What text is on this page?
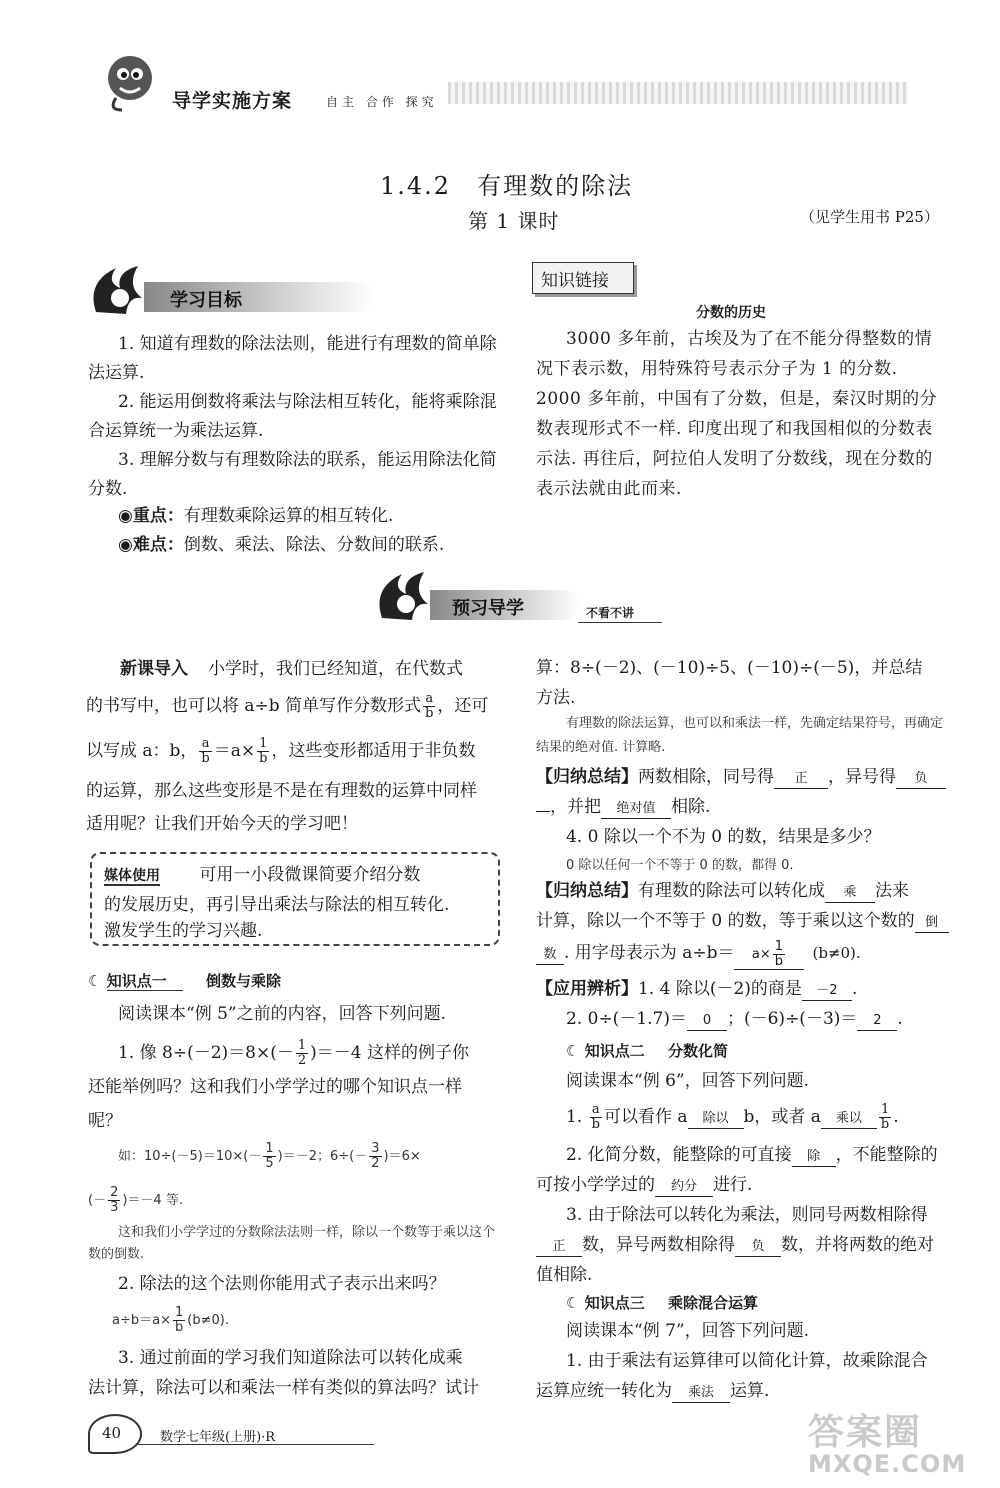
导学实施方案	自主 合作 探究
1.4.2　有理数的除法
第 1 课时	（见学生用书 P25）
学习目标
1. 知道有理数的除法法则，能进行有理数的简单除法运算.
2. 能运用倒数将乘法与除法相互转化，能将乘除混合运算统一为乘法运算.
3. 理解分数与有理数除法的联系，能运用除法化简分数.
◉重点：有理数乘除运算的相互转化.
◉难点：倒数、乘法、除法、分数间的联系.
知识链接
分数的历史
3000 多年前，古埃及为了在不能分得整数的情况下表示数，用特殊符号表示分子为 1 的分数. 2000 多年前，中国有了分数，但是，秦汉时期的分数表现形式不一样. 印度出现了和我国相似的分数表示法. 再往后，阿拉伯人发明了分数线，现在分数的表示法就由此而来.
预习导学	不看不讲
新课导入 小学时，我们已经知道，在代数式
的书写中，也可以将 a÷b 简单写作分数形式 $\frac{a}{b}$ ，还可
以写成 a：b， $\frac{a}{b} =a\times \frac{1}{b}$ ，这些变形都适用于非负数
的运算，那么这些变形是不是在有理数的运算中同样
适用呢？让我们开始今天的学习吧！
媒体使用 可用一小段微课简要介绍分数
的发展历史，再引导出乘法与除法的相互转化.
激发学生的学习兴趣.
☾ 知识点一	倒数与乘除
阅读课本“例 5”之前的内容，回答下列问题.
1. 像 $8\div(-2)=8\times(- \frac{1}{2} )=-4$ 这样的例子你
还能举例吗？这和我们小学学过的哪个知识点一样
呢？
如：$10\div(-5)=10\times(- \frac{1}{5} )=-2$；$6\div(- \frac{3}{2} )=6\times$
(－ $\frac{2}{3} )=-4$ 等.
这和我们小学学过的分数除法法则一样，除以一个数等于乘以这个数的倒数.
2. 除法的这个法则你能用式子表示出来吗？
$a\div b=a\times \frac{1}{b} (b\ne 0)$.
3. 通过前面的学习我们知道除法可以转化成乘
法计算，除法可以和乘法一样有类似的算法吗？试计
算：8÷(－2)、(－10)÷5、(－10)÷(－5)，并总结
方法.
有理数的除法运算，也可以和乘法一样，先确定结果符号，再确定结果的绝对值. 计算略.
【归纳总结】两数相除，同号得 正 ，异号得 负
，并把 绝对值 相除.
4. 0 除以一个不为 0 的数，结果是多少？
0 除以任何一个不等于 0 的数，都得 0.
【归纳总结】有理数的除法可以转化成 乘 法来
计算，除以一个不等于 0 的数，等于乘以这个数的 倒
数 . 用字母表示为 $a\div b= a\times \frac{1}{b} (b\ne 0)$.
【应用辨析】1. 4 除以(－2)的商是 －2 .
2. 0÷(－1.7)＝ 0 ；(－6)÷(－3)＝ 2 .
☾ 知识点二 分数化简
阅读课本“例 6”，回答下列问题.
1. $\frac{a}{b}$ 可以看作 a 除以 b，或者 a 乘以 $\frac{1}{b}$ .
2. 化简分数，能整除的可直接 除 ，不能整除的
可按小学学过的 约分 进行.
3. 由于除法可以转化为乘法，则同号两数相除得
正 数，异号两数相除得 负 数，并将两数的绝对
值相除.
☾ 知识点三 乘除混合运算
阅读课本“例 7”，回答下列问题.
1. 由于乘法有运算律可以简化计算，故乘除混合
运算应统一转化为 乘法 运算.
40	数学七年级(上册)·R	答案圈
MXQE.COM
